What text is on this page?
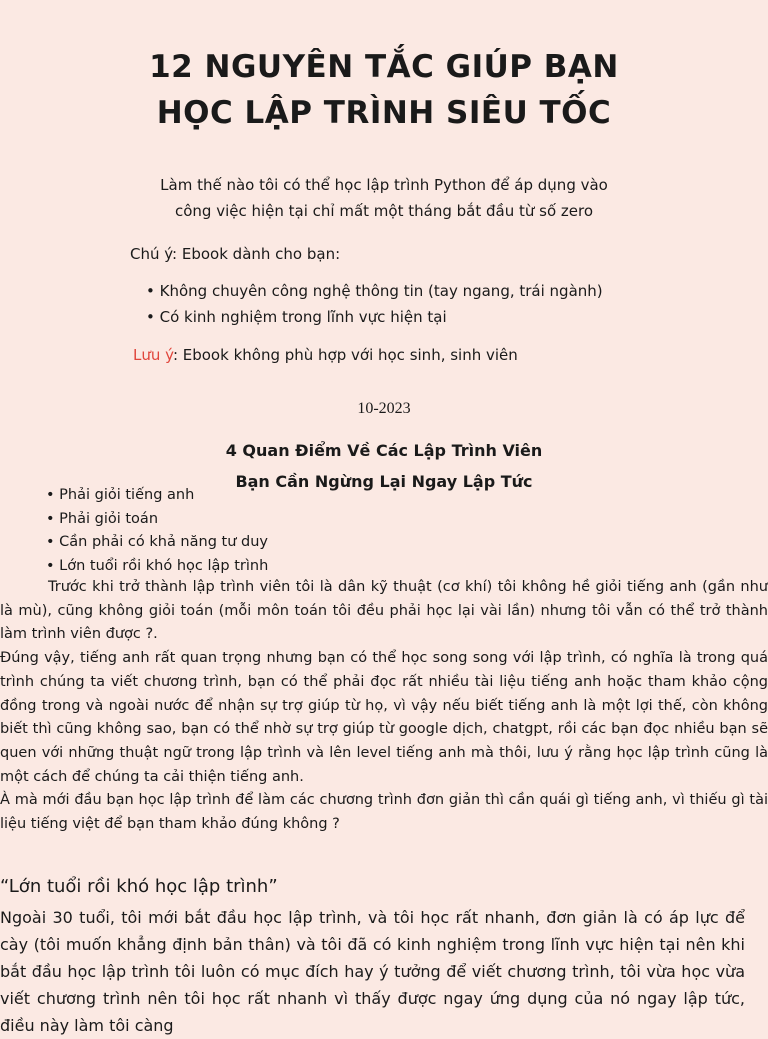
12 NGUYÊN TẮC GIÚP BẠN
HỌC LẬP TRÌNH SIÊU TỐC
Làm thế nào tôi có thể học lập trình Python để áp dụng vào
công việc hiện tại chỉ mất một tháng bắt đầu từ số zero
Chú ý: Ebook dành cho bạn:
• Không chuyên công nghệ thông tin (tay ngang, trái ngành)
• Có kinh nghiệm trong lĩnh vực hiện tại
Lưu ý: Ebook không phù hợp với học sinh, sinh viên
10-2023
4 Quan Điểm Về Các Lập Trình Viên
Bạn Cần Ngừng Lại Ngay Lập Tức
• Phải giỏi tiếng anh
• Phải giỏi toán
• Cần phải có khả năng tư duy
• Lớn tuổi rồi khó học lập trình

Trước khi trở thành lập trình viên tôi là dân kỹ thuật (cơ khí) tôi không hề giỏi tiếng anh (gần như là mù), cũng không giỏi toán (mỗi môn toán tôi đều phải học lại vài lần) nhưng tôi vẫn có thể trở thành làm trình viên được ?.

Đúng vậy, tiếng anh rất quan trọng nhưng bạn có thể học song song với lập trình, có nghĩa là trong quá trình chúng ta viết chương trình, bạn có thể phải đọc rất nhiều tài liệu tiếng anh hoặc tham khảo cộng đồng trong và ngoài nước để nhận sự trợ giúp từ họ, vì vậy nếu biết tiếng anh là một lợi thế, còn không biết thì cũng không sao, bạn có thể nhờ sự trợ giúp từ google dịch, chatgpt, rồi các bạn đọc nhiều bạn sẽ quen với những thuật ngữ trong lập trình và lên level tiếng anh mà thôi, lưu ý rằng học lập trình cũng là một cách để chúng ta cải thiện tiếng anh.

À mà mới đầu bạn học lập trình để làm các chương trình đơn giản thì cần quái gì tiếng anh, vì thiếu gì tài liệu tiếng việt để bạn tham khảo đúng không ?

“Lớn tuổi rồi khó học lập trình”
Ngoài 30 tuổi, tôi mới bắt đầu học lập trình, và tôi học rất nhanh, đơn giản là có áp lực để cày (tôi muốn khẳng định bản thân) và tôi đã có kinh nghiệm trong lĩnh vực hiện tại nên khi bắt đầu học lập trình tôi luôn có mục đích hay ý tưởng để viết chương trình, tôi vừa học vừa viết chương trình nên tôi học rất nhanh vì thấy được ngay ứng dụng của nó ngay lập tức, điều này làm tôi càng
